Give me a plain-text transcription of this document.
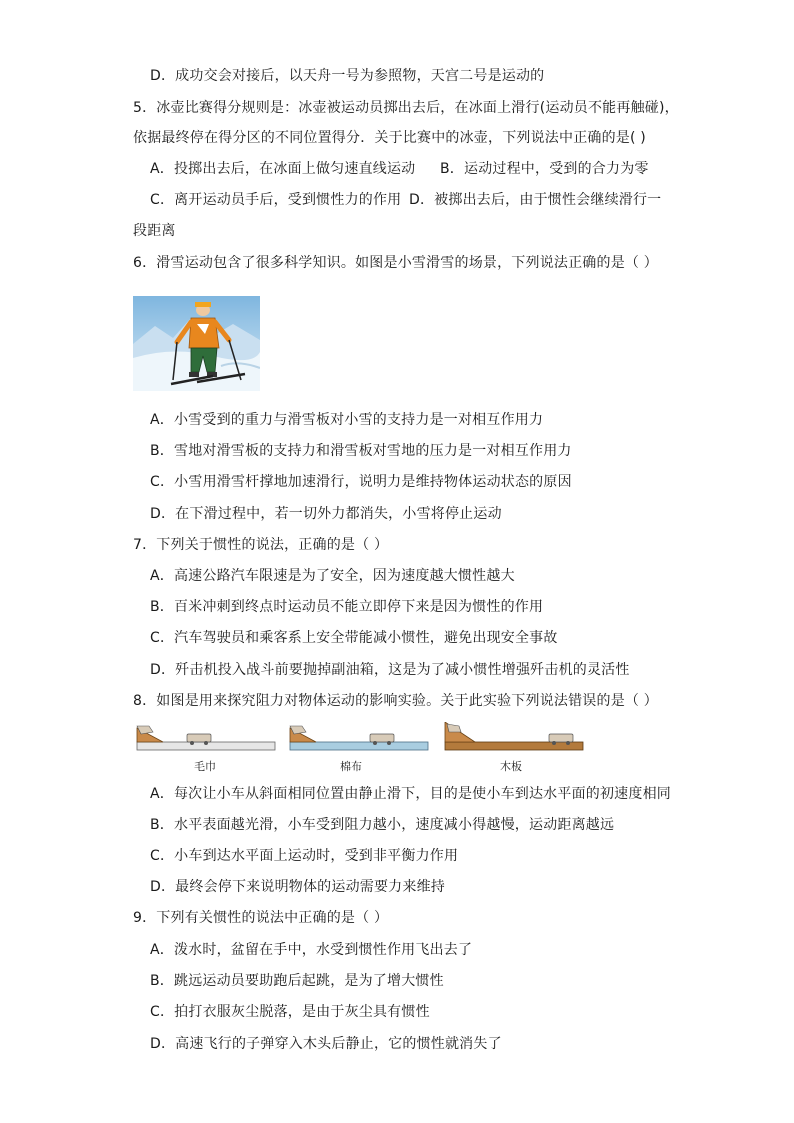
D．成功交会对接后，以天舟一号为参照物，天宫二号是运动的
5．冰壶比赛得分规则是：冰壶被运动员掷出去后，在冰面上滑行(运动员不能再触碰)，
依据最终停在得分区的不同位置得分．关于比赛中的冰壶，下列说法中正确的是( )
A．投掷出去后，在冰面上做匀速直线运动 B．运动过程中，受到的合力为零
C．离开运动员手后，受到惯性力的作用 D．被掷出去后，由于惯性会继续滑行一
段距离
6．滑雪运动包含了很多科学知识。如图是小雪滑雪的场景，下列说法正确的是（ ）
A．小雪受到的重力与滑雪板对小雪的支持力是一对相互作用力
B．雪地对滑雪板的支持力和滑雪板对雪地的压力是一对相互作用力
C．小雪用滑雪杆撑地加速滑行，说明力是维持物体运动状态的原因
D．在下滑过程中，若一切外力都消失，小雪将停止运动
7．下列关于惯性的说法，正确的是（ ）
A．高速公路汽车限速是为了安全，因为速度越大惯性越大
B．百米冲刺到终点时运动员不能立即停下来是因为惯性的作用
C．汽车驾驶员和乘客系上安全带能减小惯性，避免出现安全事故
D．歼击机投入战斗前要抛掉副油箱，这是为了减小惯性增强歼击机的灵活性
8．如图是用来探究阻力对物体运动的影响实验。关于此实验下列说法错误的是（ ）
毛巾	棉布	木板
A．每次让小车从斜面相同位置由静止滑下，目的是使小车到达水平面的初速度相同
B．水平表面越光滑，小车受到阻力越小，速度减小得越慢，运动距离越远
C．小车到达水平面上运动时，受到非平衡力作用
D．最终会停下来说明物体的运动需要力来维持
9．下列有关惯性的说法中正确的是（ ）
A．泼水时，盆留在手中，水受到惯性作用飞出去了
B．跳远运动员要助跑后起跳，是为了增大惯性
C．拍打衣服灰尘脱落，是由于灰尘具有惯性
D．高速飞行的子弹穿入木头后静止，它的惯性就消失了
